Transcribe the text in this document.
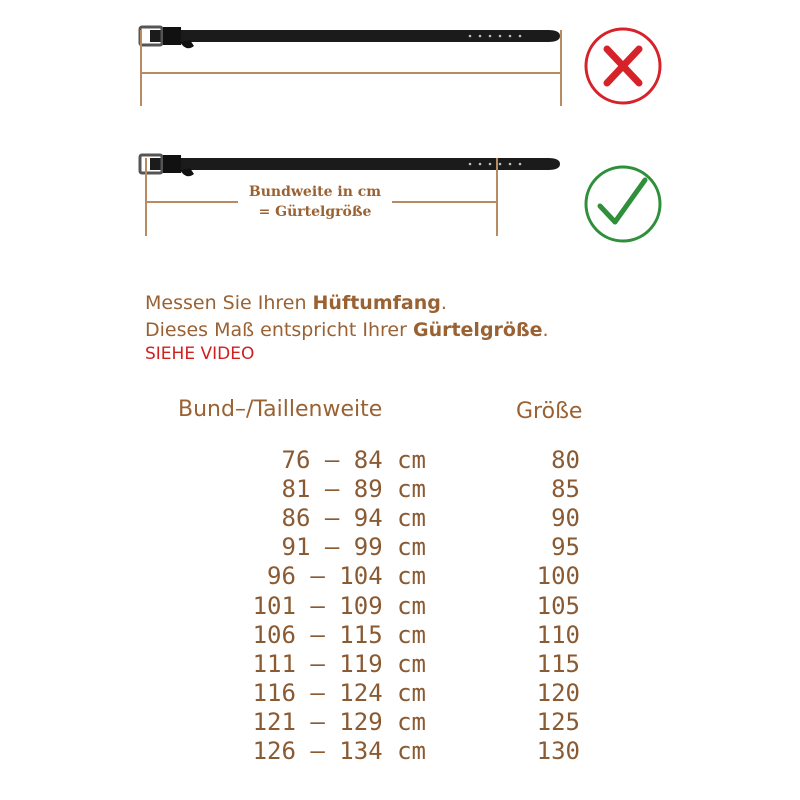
Bundweite in cm
= Gürtelgröße
Messen Sie Ihren Hüftumfang.
Dieses Maß entspricht Ihrer Gürtelgröße.
SIEHE VIDEO
Bund–/Taillenweite	Größe
76 – 84 cm	80
81 – 89 cm	85
86 – 94 cm	90
91 – 99 cm	95
96 – 104 cm	100
101 – 109 cm	105
106 – 115 cm	110
111 – 119 cm	115
116 – 124 cm	120
121 – 129 cm	125
126 – 134 cm	130
